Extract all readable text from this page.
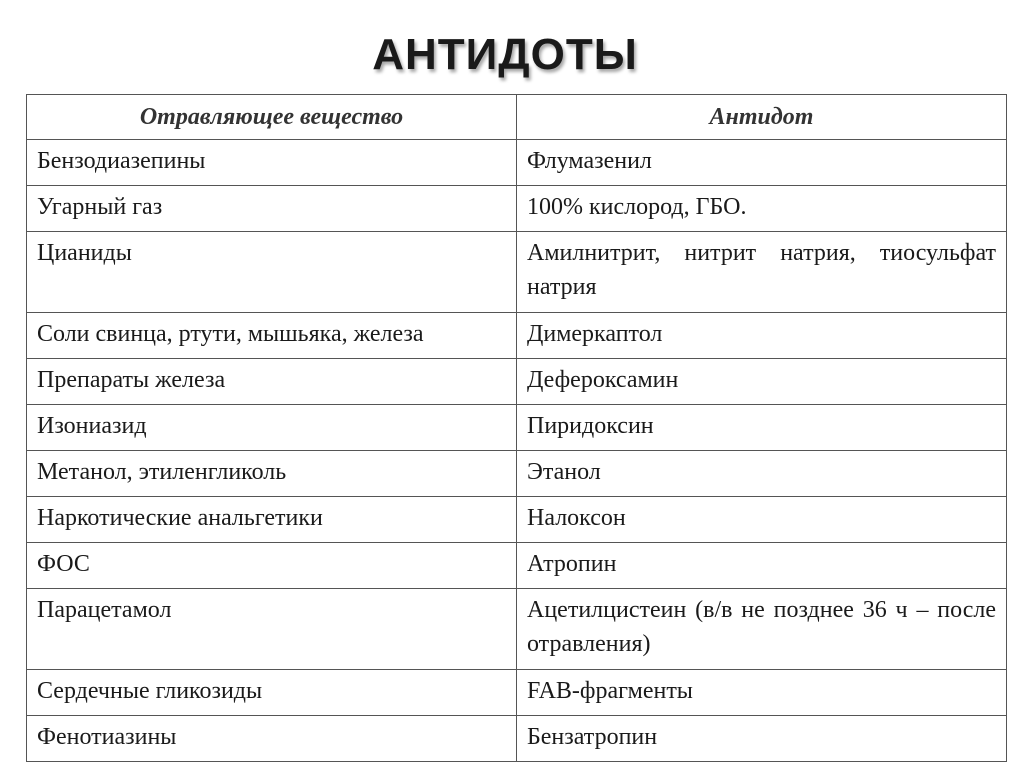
АНТИДОТЫ
Отравляющее вещество	Антидот
Бензодиазепины	Флумазенил
Угарный газ	100% кислород, ГБО.
Цианиды	Амилнитрит, нитрит натрия, тиосульфат натрия
Соли свинца, ртути, мышьяка, железа	Димеркаптол
Препараты железа	Дефероксамин
Изониазид	Пиридоксин
Метанол, этиленгликоль	Этанол
Наркотические анальгетики	Налоксон
ФОС	Атропин
Парацетамол	Ацетилцистеин (в/в не позднее 36 ч – после отравления)
Сердечные гликозиды	FAB-фрагменты
Фенотиазины	Бензатропин
